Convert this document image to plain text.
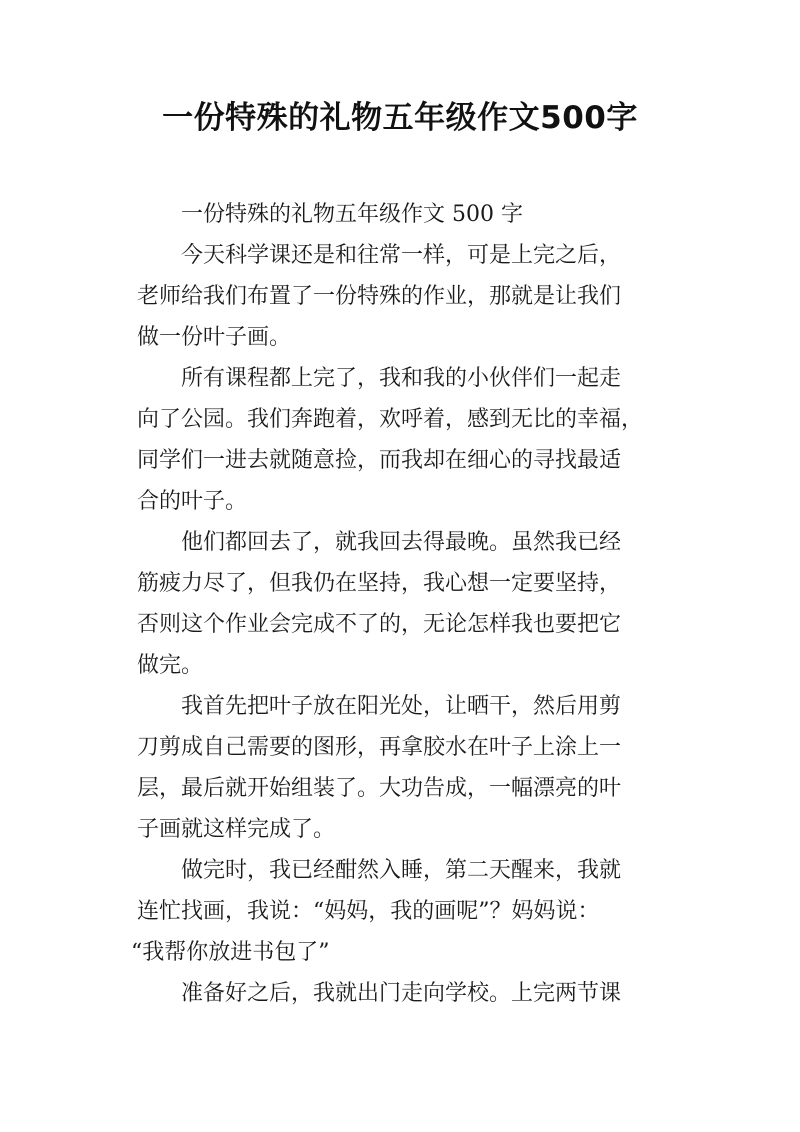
一份特殊的礼物五年级作文500字
一份特殊的礼物五年级作文 500 字
今天科学课还是和往常一样，可是上完之后，
老师给我们布置了一份特殊的作业，那就是让我们
做一份叶子画。
所有课程都上完了，我和我的小伙伴们一起走
向了公园。我们奔跑着，欢呼着，感到无比的幸福，
同学们一进去就随意捡，而我却在细心的寻找最适
合的叶子。
他们都回去了，就我回去得最晚。虽然我已经
筋疲力尽了，但我仍在坚持，我心想一定要坚持，
否则这个作业会完成不了的，无论怎样我也要把它
做完。
我首先把叶子放在阳光处，让晒干，然后用剪
刀剪成自己需要的图形，再拿胶水在叶子上涂上一
层，最后就开始组装了。大功告成，一幅漂亮的叶
子画就这样完成了。
做完时，我已经酣然入睡，第二天醒来，我就
连忙找画，我说：“妈妈，我的画呢”？妈妈说：
“我帮你放进书包了”
准备好之后，我就出门走向学校。上完两节课
